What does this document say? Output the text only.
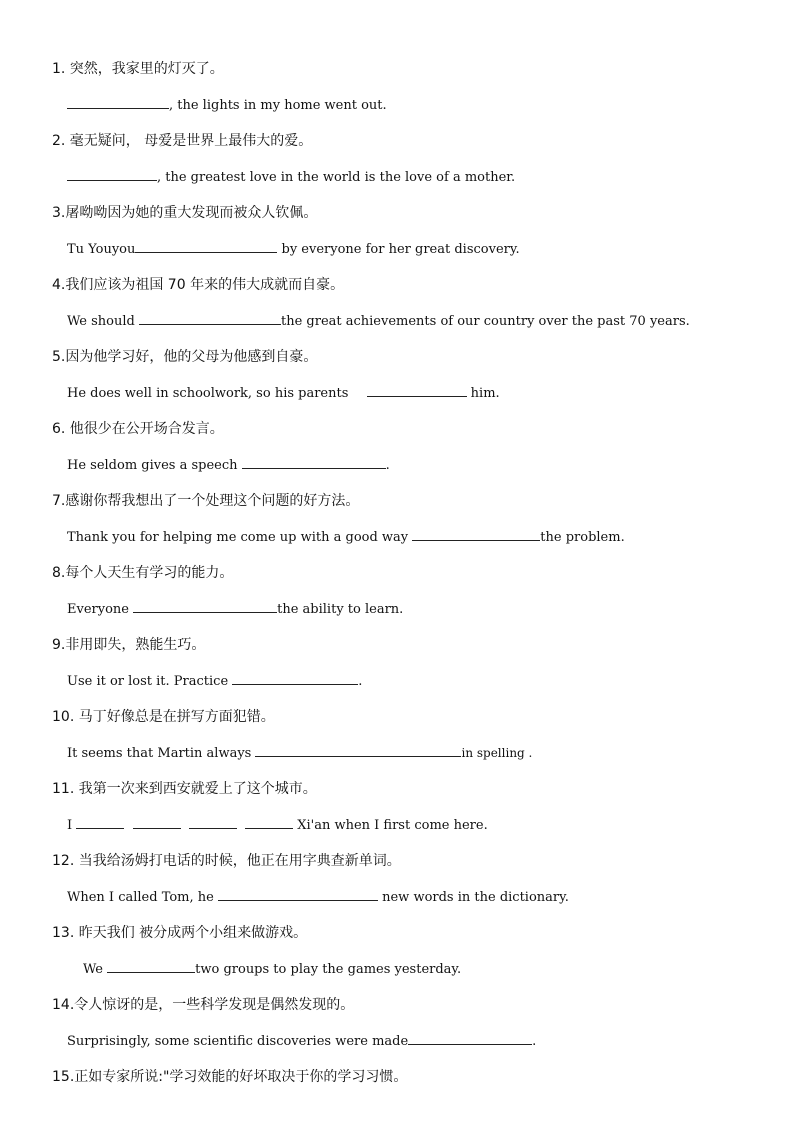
1. 突然，我家里的灯灭了。
, the lights in my home went out.
2. 毫无疑问， 母爱是世界上最伟大的爱。
, the greatest love in the world is the love of a mother.
3.屠呦呦因为她的重大发现而被众人钦佩。
Tu Youyou	by everyone for her great discovery.
4.我们应该为祖国 70 年来的伟大成就而自豪。
We should	the great achievements of our country over the past 70 years.
5.因为他学习好，他的父母为他感到自豪。
He does well in schoolwork, so his parents	him.
6. 他很少在公开场合发言。
He seldom gives a speech	.
7.感谢你帮我想出了一个处理这个问题的好方法。
Thank you for helping me come up with a good way	the problem.
8.每个人天生有学习的能力。
Everyone	the ability to learn.
9.非用即失，熟能生巧。
Use it or lost it. Practice	.
10. 马丁好像总是在拼写方面犯错。
It seems that Martin always	in spelling .
11. 我第一次来到西安就爱上了这个城市。
I	Xi'an when I first come here.
12. 当我给汤姆打电话的时候，他正在用字典查新单词。
When I called Tom, he	new words in the dictionary.
13. 昨天我们 被分成两个小组来做游戏。
We	two groups to play the games yesterday.
14.令人惊讶的是，一些科学发现是偶然发现的。
Surprisingly, some scientific discoveries were made	.
15.正如专家所说:"学习效能的好坏取决于你的学习习惯。
